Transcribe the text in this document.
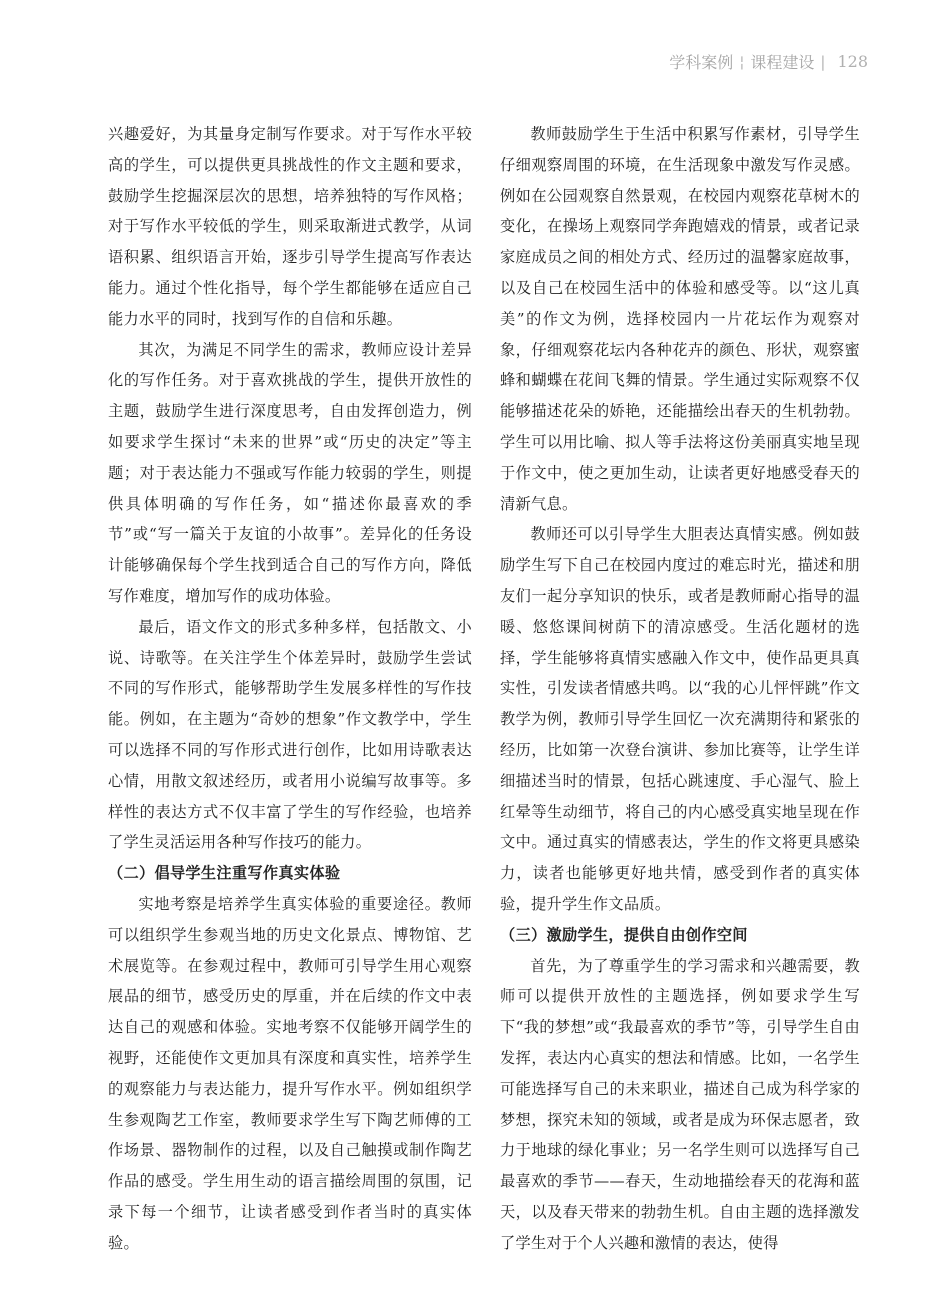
学科案例 ¦ 课程建设 | 128

兴趣爱好，为其量身定制写作要求。对于写作水平较高的学生，可以提供更具挑战性的作文主题和要求，鼓励学生挖掘深层次的思想，培养独特的写作风格；对于写作水平较低的学生，则采取渐进式教学，从词语积累、组织语言开始，逐步引导学生提高写作表达能力。通过个性化指导，每个学生都能够在适应自己能力水平的同时，找到写作的自信和乐趣。

其次，为满足不同学生的需求，教师应设计差异化的写作任务。对于喜欢挑战的学生，提供开放性的主题，鼓励学生进行深度思考，自由发挥创造力，例如要求学生探讨“未来的世界”或“历史的决定”等主题；对于表达能力不强或写作能力较弱的学生，则提供具体明确的写作任务，如“描述你最喜欢的季节”或“写一篇关于友谊的小故事”。差异化的任务设计能够确保每个学生找到适合自己的写作方向，降低写作难度，增加写作的成功体验。

最后，语文作文的形式多种多样，包括散文、小说、诗歌等。在关注学生个体差异时，鼓励学生尝试不同的写作形式，能够帮助学生发展多样性的写作技能。例如，在主题为“奇妙的想象”作文教学中，学生可以选择不同的写作形式进行创作，比如用诗歌表达心情，用散文叙述经历，或者用小说编写故事等。多样性的表达方式不仅丰富了学生的写作经验，也培养了学生灵活运用各种写作技巧的能力。

（二）倡导学生注重写作真实体验

实地考察是培养学生真实体验的重要途径。教师可以组织学生参观当地的历史文化景点、博物馆、艺术展览等。在参观过程中，教师可引导学生用心观察展品的细节，感受历史的厚重，并在后续的作文中表达自己的观感和体验。实地考察不仅能够开阔学生的视野，还能使作文更加具有深度和真实性，培养学生的观察能力与表达能力，提升写作水平。例如组织学生参观陶艺工作室，教师要求学生写下陶艺师傅的工作场景、器物制作的过程，以及自己触摸或制作陶艺作品的感受。学生用生动的语言描绘周围的氛围，记录下每一个细节，让读者感受到作者当时的真实体验。

教师鼓励学生于生活中积累写作素材，引导学生仔细观察周围的环境，在生活现象中激发写作灵感。例如在公园观察自然景观，在校园内观察花草树木的变化，在操场上观察同学奔跑嬉戏的情景，或者记录家庭成员之间的相处方式、经历过的温馨家庭故事，以及自己在校园生活中的体验和感受等。以“这儿真美”的作文为例，选择校园内一片花坛作为观察对象，仔细观察花坛内各种花卉的颜色、形状，观察蜜蜂和蝴蝶在花间飞舞的情景。学生通过实际观察不仅能够描述花朵的娇艳，还能描绘出春天的生机勃勃。学生可以用比喻、拟人等手法将这份美丽真实地呈现于作文中，使之更加生动，让读者更好地感受春天的清新气息。

教师还可以引导学生大胆表达真情实感。例如鼓励学生写下自己在校园内度过的难忘时光，描述和朋友们一起分享知识的快乐，或者是教师耐心指导的温暖、悠悠课间树荫下的清凉感受。生活化题材的选择，学生能够将真情实感融入作文中，使作品更具真实性，引发读者情感共鸣。以“我的心儿怦怦跳”作文教学为例，教师引导学生回忆一次充满期待和紧张的经历，比如第一次登台演讲、参加比赛等，让学生详细描述当时的情景，包括心跳速度、手心湿气、脸上红晕等生动细节，将自己的内心感受真实地呈现在作文中。通过真实的情感表达，学生的作文将更具感染力，读者也能够更好地共情，感受到作者的真实体验，提升学生作文品质。

（三）激励学生，提供自由创作空间

首先，为了尊重学生的学习需求和兴趣需要，教师可以提供开放性的主题选择，例如要求学生写下“我的梦想”或“我最喜欢的季节”等，引导学生自由发挥，表达内心真实的想法和情感。比如，一名学生可能选择写自己的未来职业，描述自己成为科学家的梦想，探究未知的领域，或者是成为环保志愿者，致力于地球的绿化事业；另一名学生则可以选择写自己最喜欢的季节——春天，生动地描绘春天的花海和蓝天，以及春天带来的勃勃生机。自由主题的选择激发了学生对于个人兴趣和激情的表达，使得
